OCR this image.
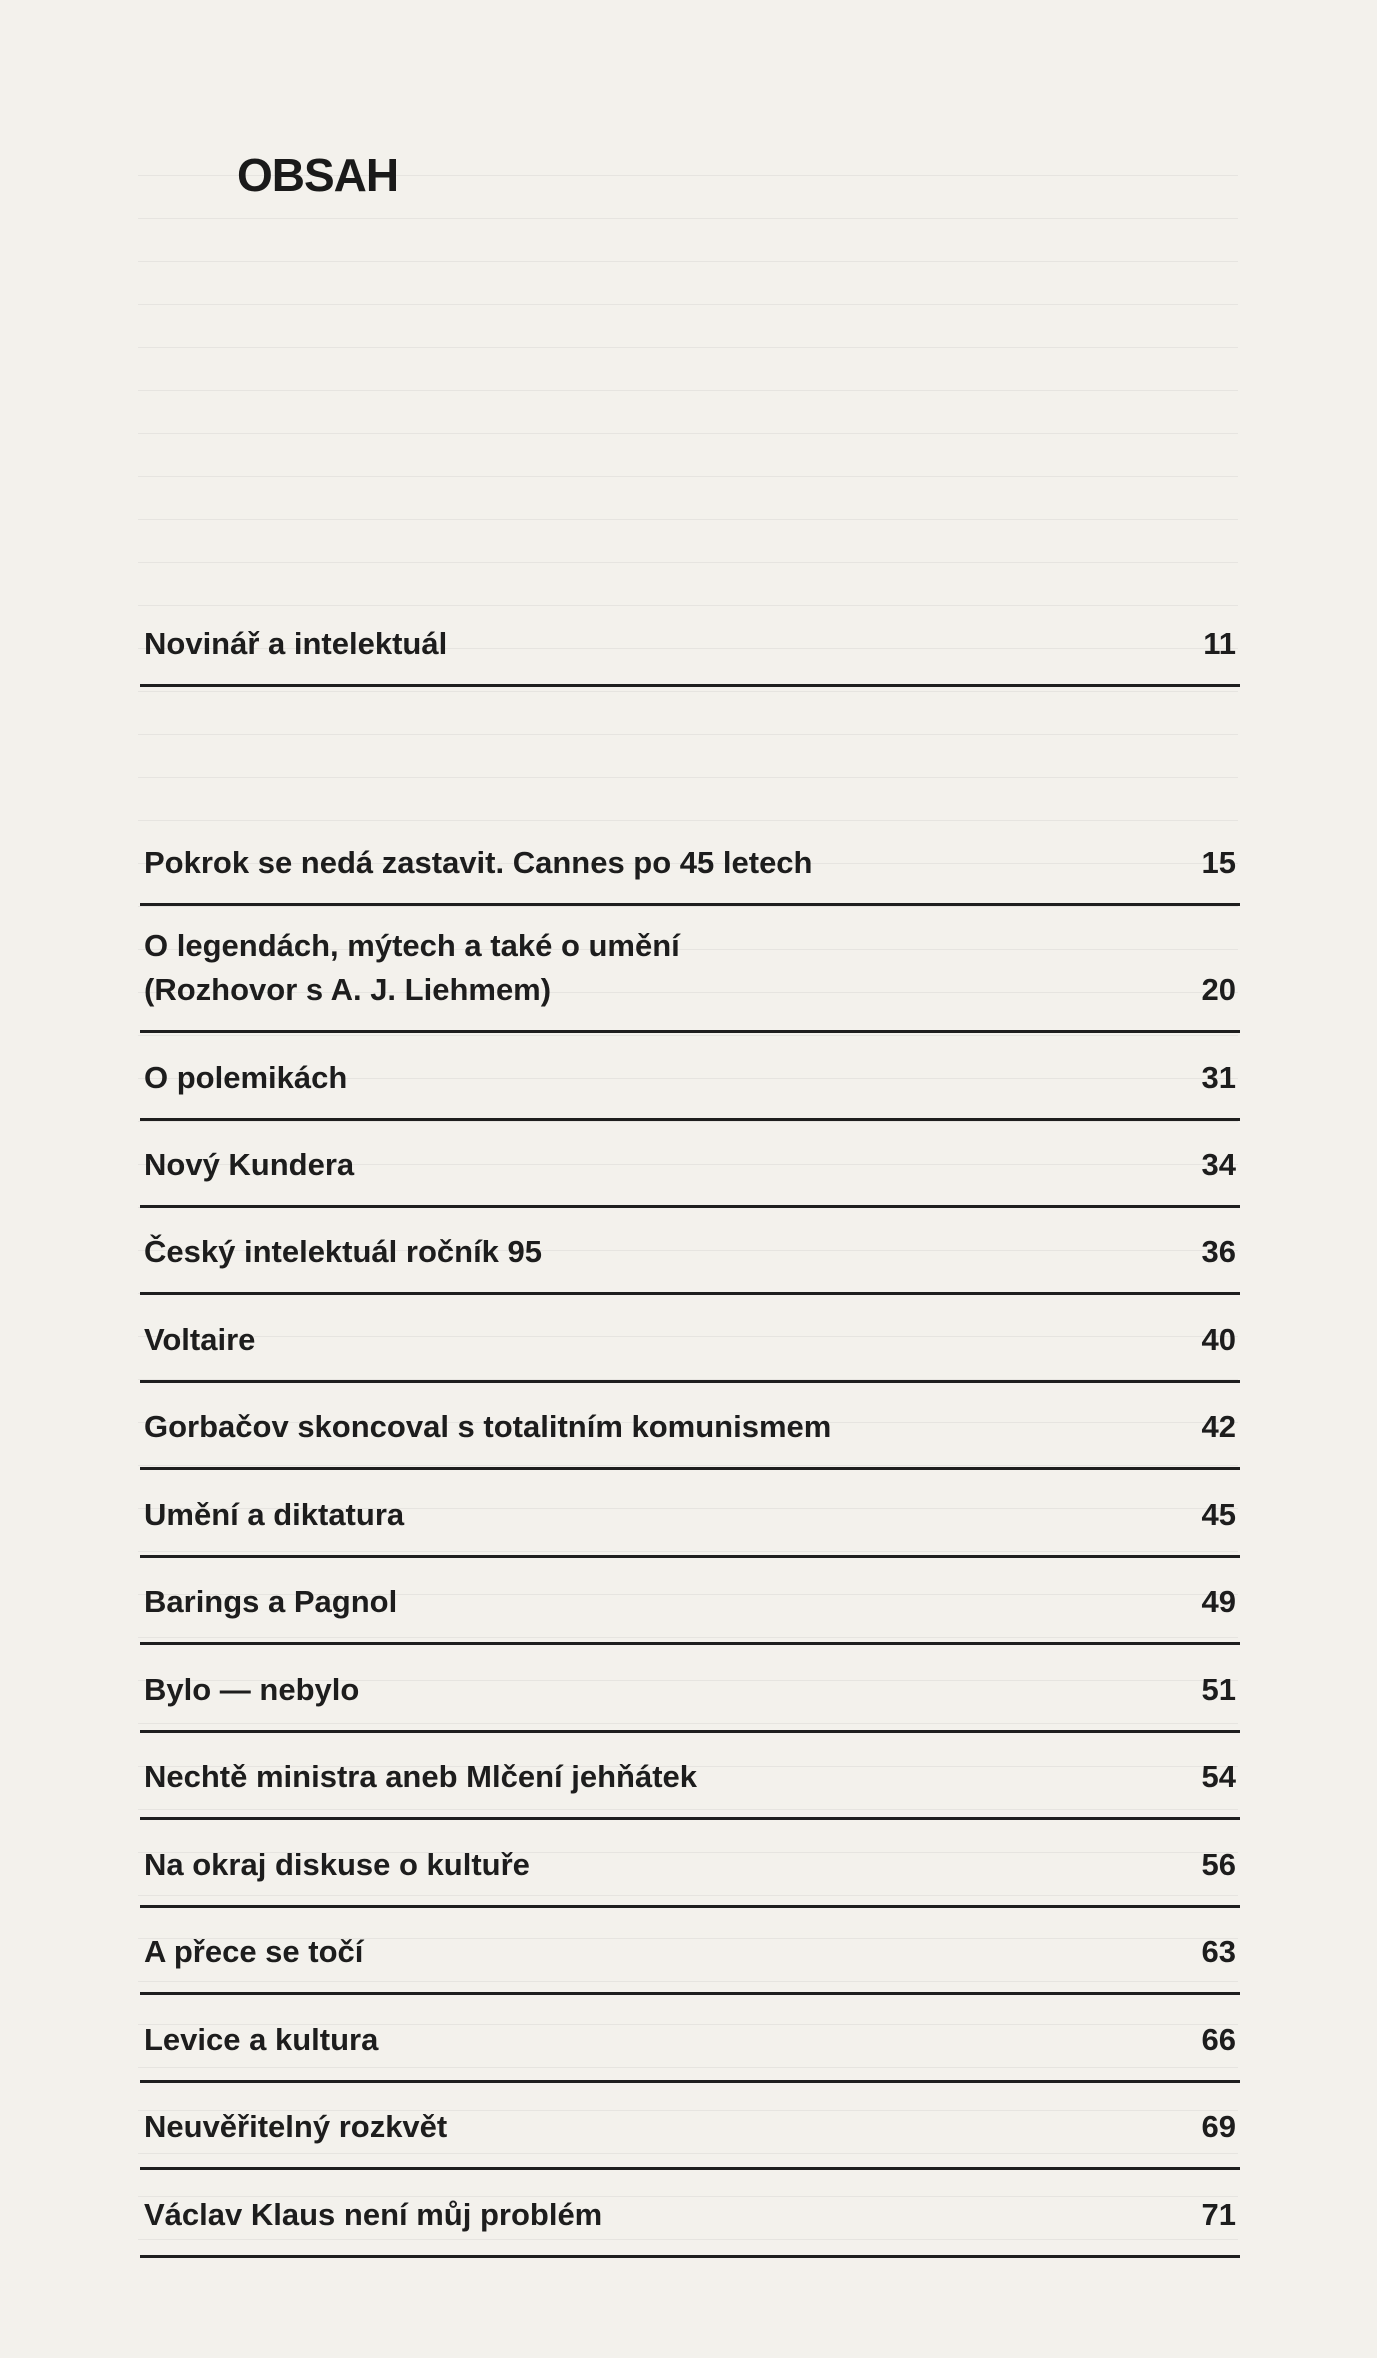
OBSAH
Novinář a intelektuál	11
Pokrok se nedá zastavit. Cannes po 45 letech	15
O legendách, mýtech a také o umění
(Rozhovor s A. J. Liehmem)	20
O polemikách	31
Nový Kundera	34
Český intelektuál ročník 95	36
Voltaire	40
Gorbačov skoncoval s totalitním komunismem	42
Umění a diktatura	45
Barings a Pagnol	49
Bylo — nebylo	51
Nechtě ministra aneb Mlčení jehňátek	54
Na okraj diskuse o kultuře	56
A přece se točí	63
Levice a kultura	66
Neuvěřitelný rozkvět	69
Václav Klaus není můj problém	71
